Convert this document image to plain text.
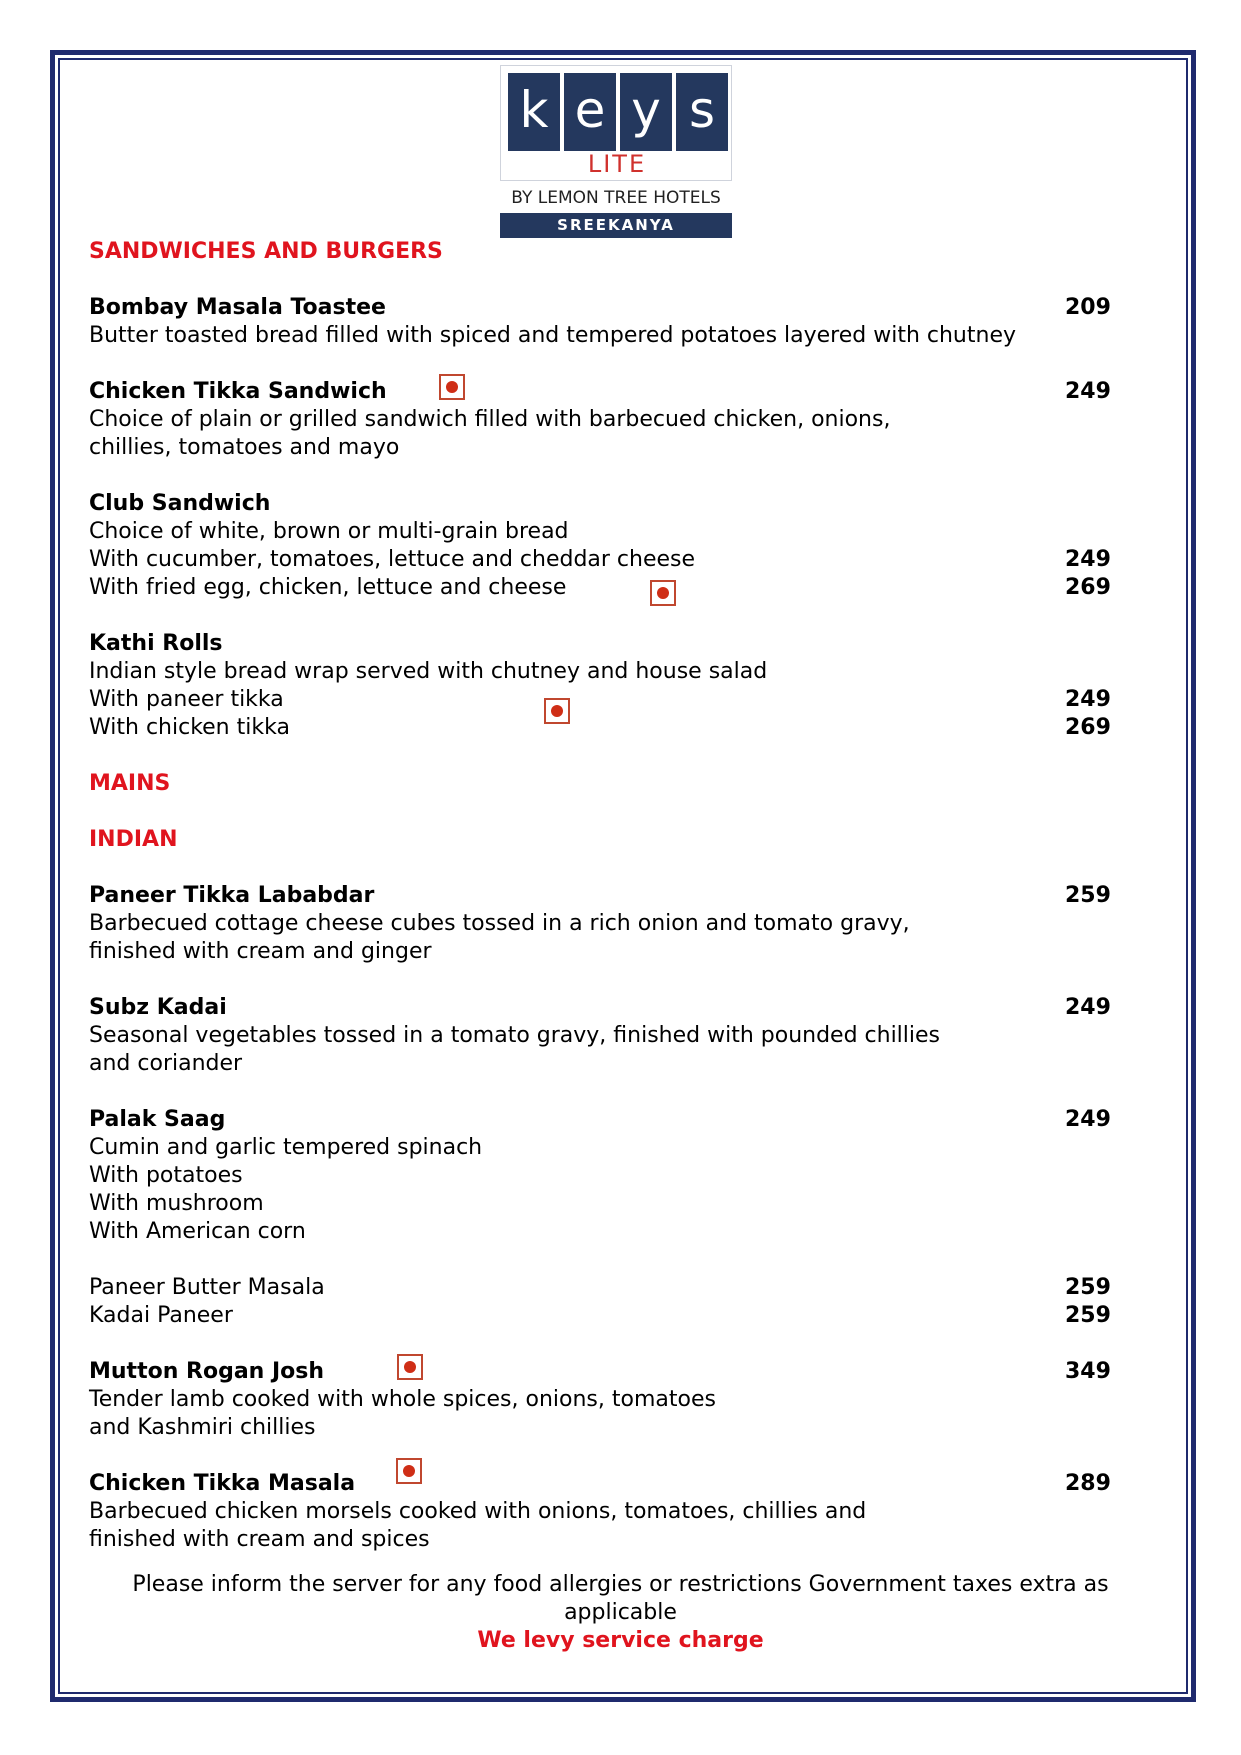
k e y s
LITE
BY LEMON TREE HOTELS
SREEKANYA
SANDWICHES AND BURGERS
Bombay Masala Toastee	209
Butter toasted bread filled with spiced and tempered potatoes layered with chutney
Chicken Tikka Sandwich	249
Choice of plain or grilled sandwich filled with barbecued chicken, onions,
chillies, tomatoes and mayo
Club Sandwich
Choice of white, brown or multi-grain bread
With cucumber, tomatoes, lettuce and cheddar cheese	249
With fried egg, chicken, lettuce and cheese	269
Kathi Rolls
Indian style bread wrap served with chutney and house salad
With paneer tikka	249
With chicken tikka	269
MAINS
INDIAN
Paneer Tikka Lababdar	259
Barbecued cottage cheese cubes tossed in a rich onion and tomato gravy,
finished with cream and ginger
Subz Kadai	249
Seasonal vegetables tossed in a tomato gravy, finished with pounded chillies
and coriander
Palak Saag	249
Cumin and garlic tempered spinach
With potatoes
With mushroom
With American corn
Paneer Butter Masala	259
Kadai Paneer	259
Mutton Rogan Josh	349
Tender lamb cooked with whole spices, onions, tomatoes
and Kashmiri chillies
Chicken Tikka Masala	289
Barbecued chicken morsels cooked with onions, tomatoes, chillies and
finished with cream and spices
Please inform the server for any food allergies or restrictions Government taxes extra as
applicable
We levy service charge
